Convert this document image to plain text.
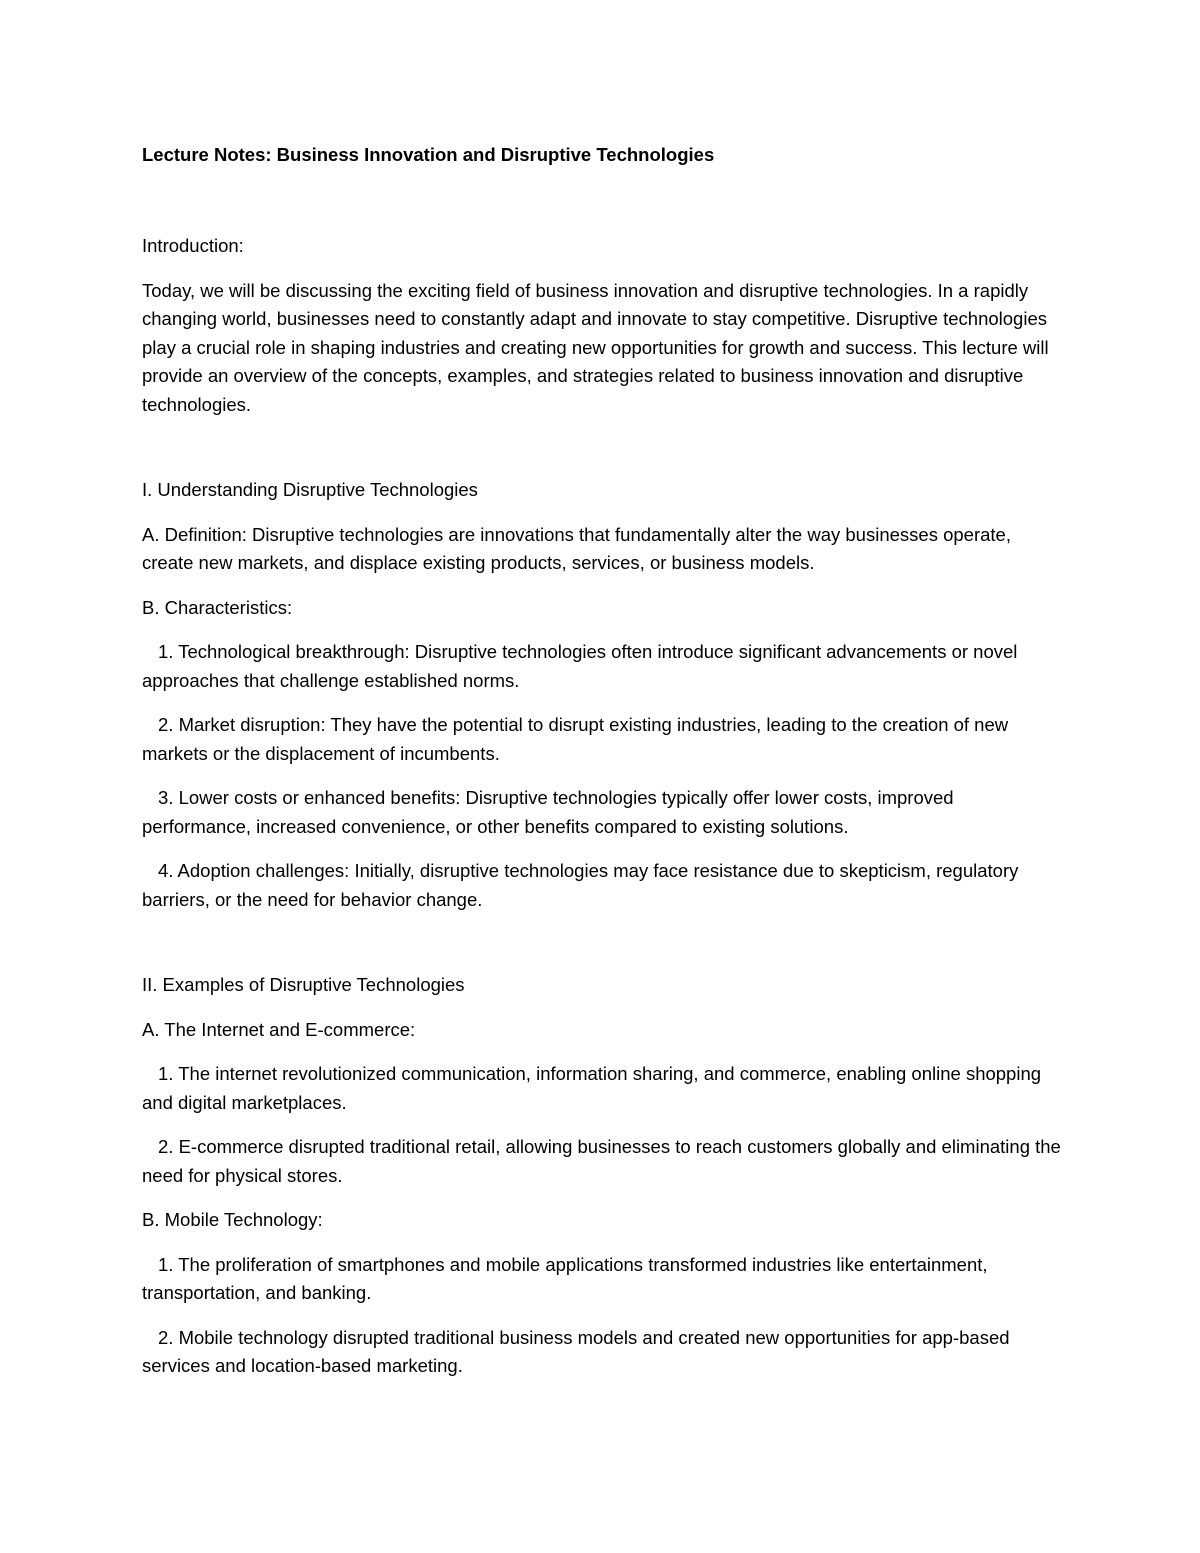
Lecture Notes: Business Innovation and Disruptive Technologies

Introduction:

Today, we will be discussing the exciting field of business innovation and disruptive technologies. In a rapidly changing world, businesses need to constantly adapt and innovate to stay competitive. Disruptive technologies play a crucial role in shaping industries and creating new opportunities for growth and success. This lecture will provide an overview of the concepts, examples, and strategies related to business innovation and disruptive technologies.

I. Understanding Disruptive Technologies

A. Definition: Disruptive technologies are innovations that fundamentally alter the way businesses operate, create new markets, and displace existing products, services, or business models.

B. Characteristics:

1. Technological breakthrough: Disruptive technologies often introduce significant advancements or novel approaches that challenge established norms.

2. Market disruption: They have the potential to disrupt existing industries, leading to the creation of new markets or the displacement of incumbents.

3. Lower costs or enhanced benefits: Disruptive technologies typically offer lower costs, improved performance, increased convenience, or other benefits compared to existing solutions.

4. Adoption challenges: Initially, disruptive technologies may face resistance due to skepticism, regulatory barriers, or the need for behavior change.

II. Examples of Disruptive Technologies

A. The Internet and E-commerce:

1. The internet revolutionized communication, information sharing, and commerce, enabling online shopping and digital marketplaces.

2. E-commerce disrupted traditional retail, allowing businesses to reach customers globally and eliminating the need for physical stores.

B. Mobile Technology:

1. The proliferation of smartphones and mobile applications transformed industries like entertainment, transportation, and banking.

2. Mobile technology disrupted traditional business models and created new opportunities for app-based services and location-based marketing.
